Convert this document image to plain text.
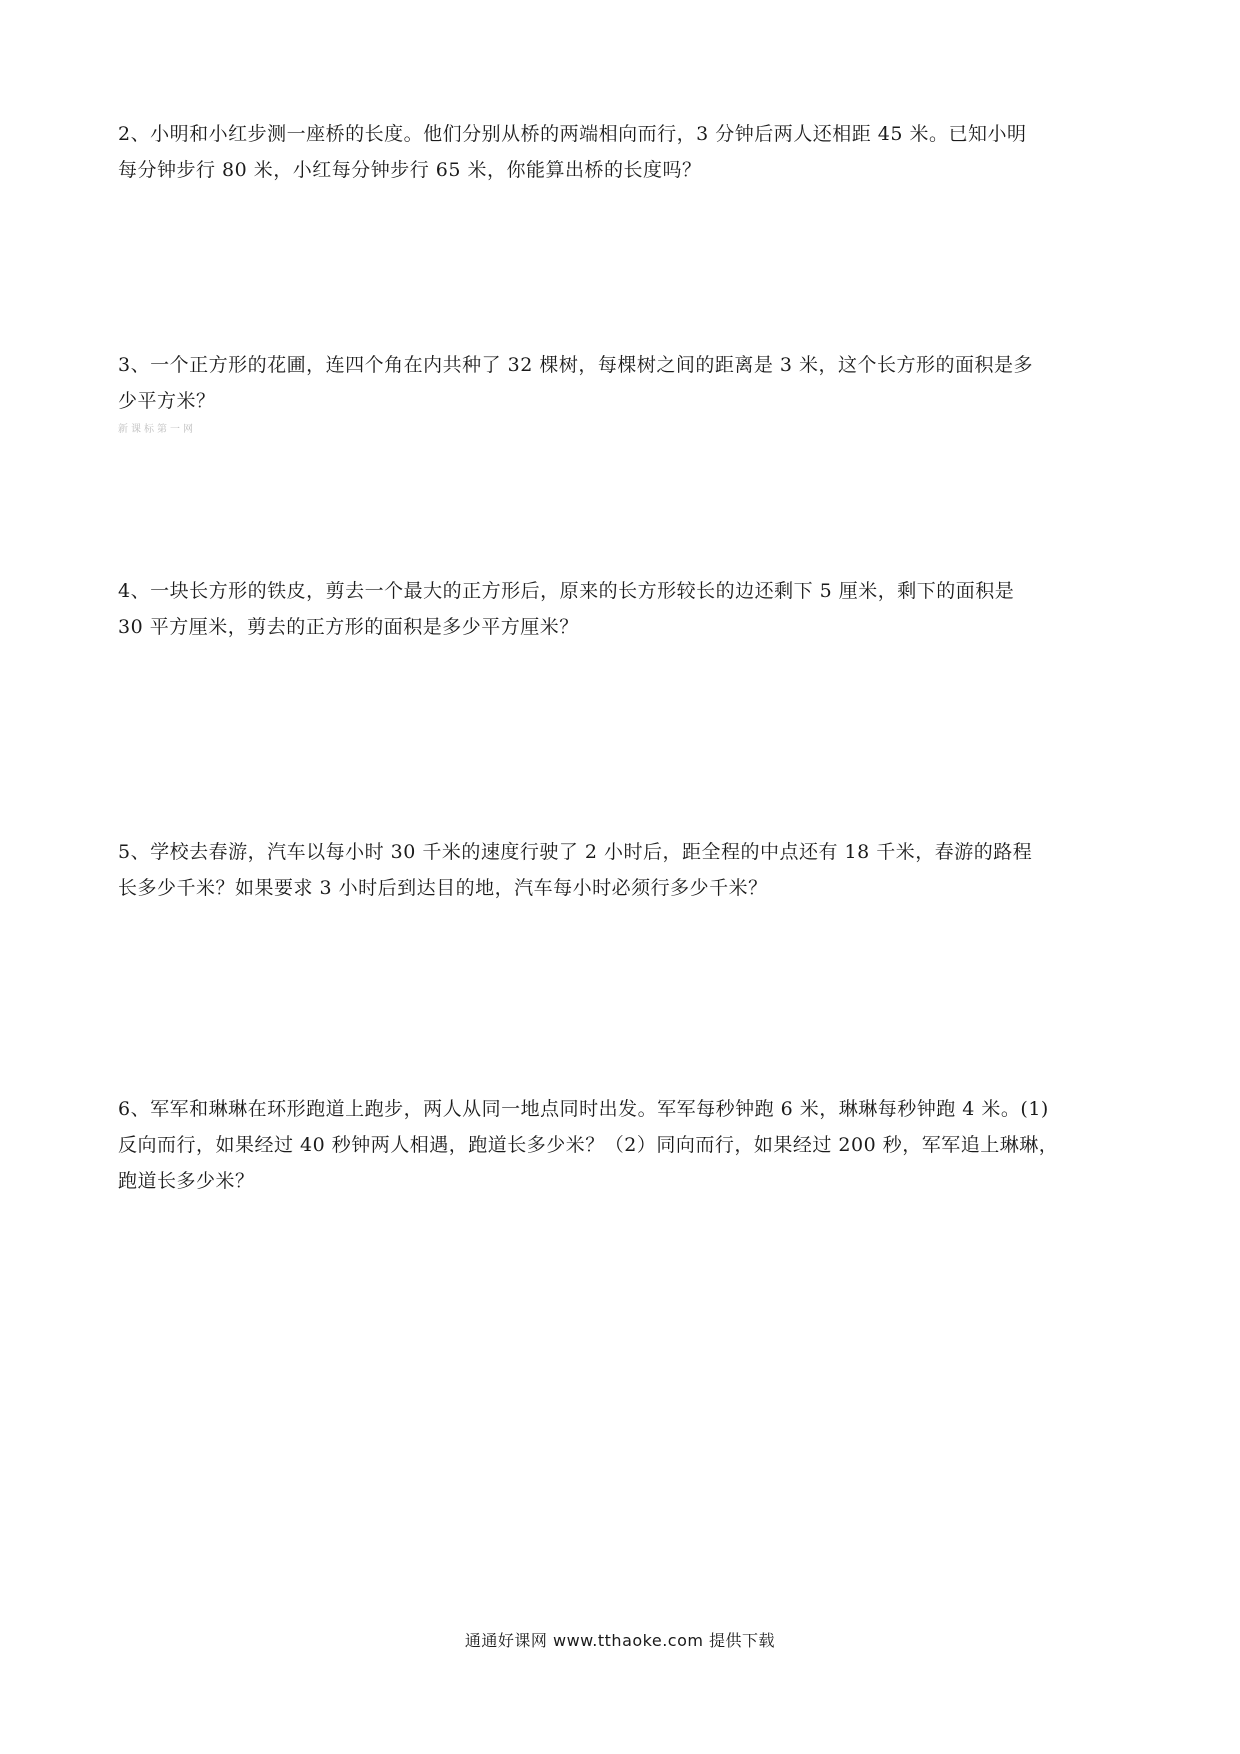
2、小明和小红步测一座桥的长度。他们分别从桥的两端相向而行，3 分钟后两人还相距 45 米。已知小明
每分钟步行 80 米，小红每分钟步行 65 米，你能算出桥的长度吗？
3、一个正方形的花圃，连四个角在内共种了 32 棵树，每棵树之间的距离是 3 米，这个长方形的面积是多
少平方米？
新课标第一网
4、一块长方形的铁皮，剪去一个最大的正方形后，原来的长方形较长的边还剩下 5 厘米，剩下的面积是
30 平方厘米，剪去的正方形的面积是多少平方厘米？
5、学校去春游，汽车以每小时 30 千米的速度行驶了 2 小时后，距全程的中点还有 18 千米，春游的路程
长多少千米？如果要求 3 小时后到达目的地，汽车每小时必须行多少千米？
6、军军和琳琳在环形跑道上跑步，两人从同一地点同时出发。军军每秒钟跑 6 米，琳琳每秒钟跑 4 米。(1)
反向而行，如果经过 40 秒钟两人相遇，跑道长多少米？（2）同向而行，如果经过 200 秒，军军追上琳琳，
跑道长多少米？
通通好课网 www.tthaoke.com 提供下载
